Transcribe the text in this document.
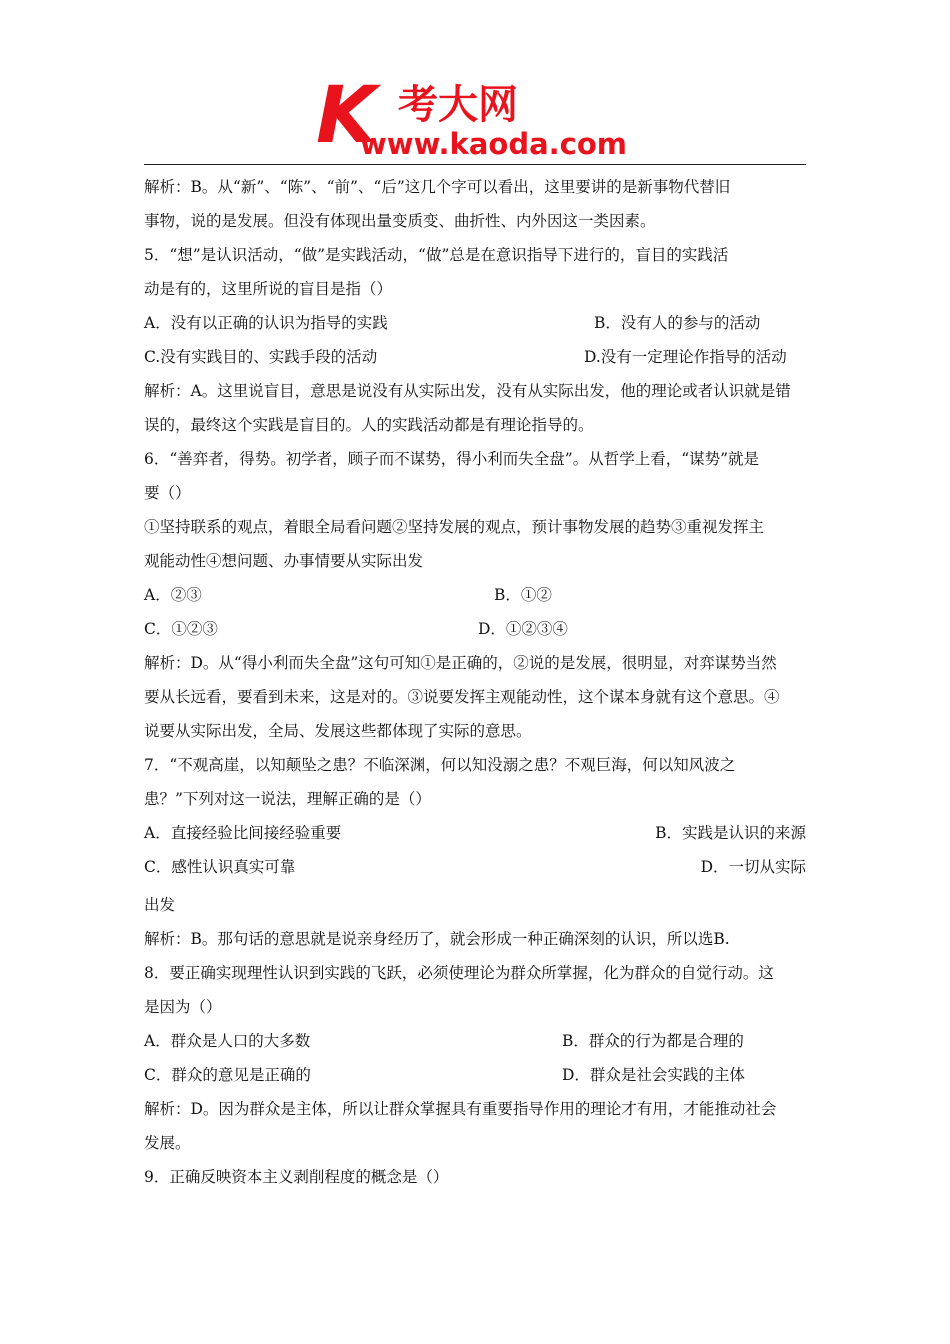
K 考大网
www.kaoda.com
解析：B。从“新”、“陈”、“前”、“后”这几个字可以看出，这里要讲的是新事物代替旧
事物，说的是发展。但没有体现出量变质变、曲折性、内外因这一类因素。
5．“想”是认识活动，“做”是实践活动，“做”总是在意识指导下进行的，盲目的实践活
动是有的，这里所说的盲目是指（）
A．没有以正确的认识为指导的实践	B．没有人的参与的活动
C.没有实践目的、实践手段的活动	D.没有一定理论作指导的活动
解析：A。这里说盲目，意思是说没有从实际出发，没有从实际出发，他的理论或者认识就是错
误的，最终这个实践是盲目的。人的实践活动都是有理论指导的。
6．“善弈者，得势。初学者，顾子而不谋势，得小利而失全盘”。从哲学上看，“谋势”就是
要（）
①坚持联系的观点，着眼全局看问题②坚持发展的观点，预计事物发展的趋势③重视发挥主
观能动性④想问题、办事情要从实际出发
A．②③	B．①②
C．①②③	D．①②③④
解析：D。从“得小利而失全盘”这句可知①是正确的，②说的是发展，很明显，对弈谋势当然
要从长远看，要看到未来，这是对的。③说要发挥主观能动性，这个谋本身就有这个意思。④
说要从实际出发，全局、发展这些都体现了实际的意思。
7．“不观高崖，以知颠坠之患？不临深渊，何以知没溺之患？不观巨海，何以知风波之
患？”下列对这一说法，理解正确的是（）
A．直接经验比间接经验重要	B．实践是认识的来源
C．感性认识真实可靠	D．一切从实际
出发
解析：B。那句话的意思就是说亲身经历了，就会形成一种正确深刻的认识，所以选B.
8．要正确实现理性认识到实践的飞跃，必须使理论为群众所掌握，化为群众的自觉行动。这
是因为（）
A．群众是人口的大多数	B．群众的行为都是合理的
C．群众的意见是正确的	D．群众是社会实践的主体
解析：D。因为群众是主体，所以让群众掌握具有重要指导作用的理论才有用，才能推动社会
发展。
9．正确反映资本主义剥削程度的概念是（）
